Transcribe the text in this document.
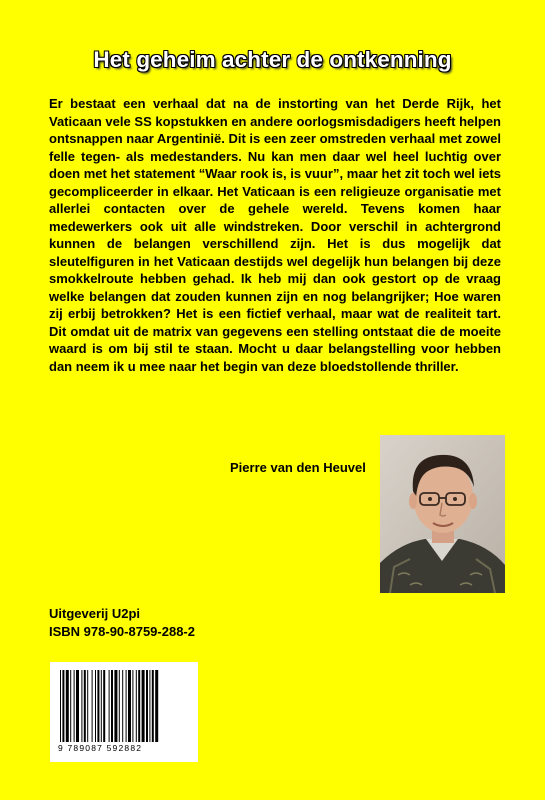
Het geheim achter de ontkenning

Er bestaat een verhaal dat na de instorting van het Derde Rijk, het Vaticaan vele SS kopstukken en andere oorlogsmisdadigers heeft helpen ontsnappen naar Argentinië. Dit is een zeer omstreden verhaal met zowel felle tegen- als medestanders. Nu kan men daar wel heel luchtig over doen met het statement “Waar rook is, is vuur”, maar het zit toch wel iets gecompliceerder in elkaar. Het Vaticaan is een religieuze organisatie met allerlei contacten over de gehele wereld. Tevens komen haar medewerkers ook uit alle windstreken. Door verschil in achtergrond kunnen de belangen verschillend zijn. Het is dus mogelijk dat sleutelfiguren in het Vaticaan destijds wel degelijk hun belangen bij deze smokkelroute hebben gehad. Ik heb mij dan ook gestort op de vraag welke belangen dat zouden kunnen zijn en nog belangrijker; Hoe waren zij erbij betrokken? Het is een fictief verhaal, maar wat de realiteit tart. Dit omdat uit de matrix van gegevens een stelling ontstaat die de moeite waard is om bij stil te staan. Mocht u daar belangstelling voor hebben dan neem ik u mee naar het begin van deze bloedstollende thriller.

Pierre van den Heuvel
Uitgeverij U2pi
ISBN 978-90-8759-288-2
9 789087 592882
